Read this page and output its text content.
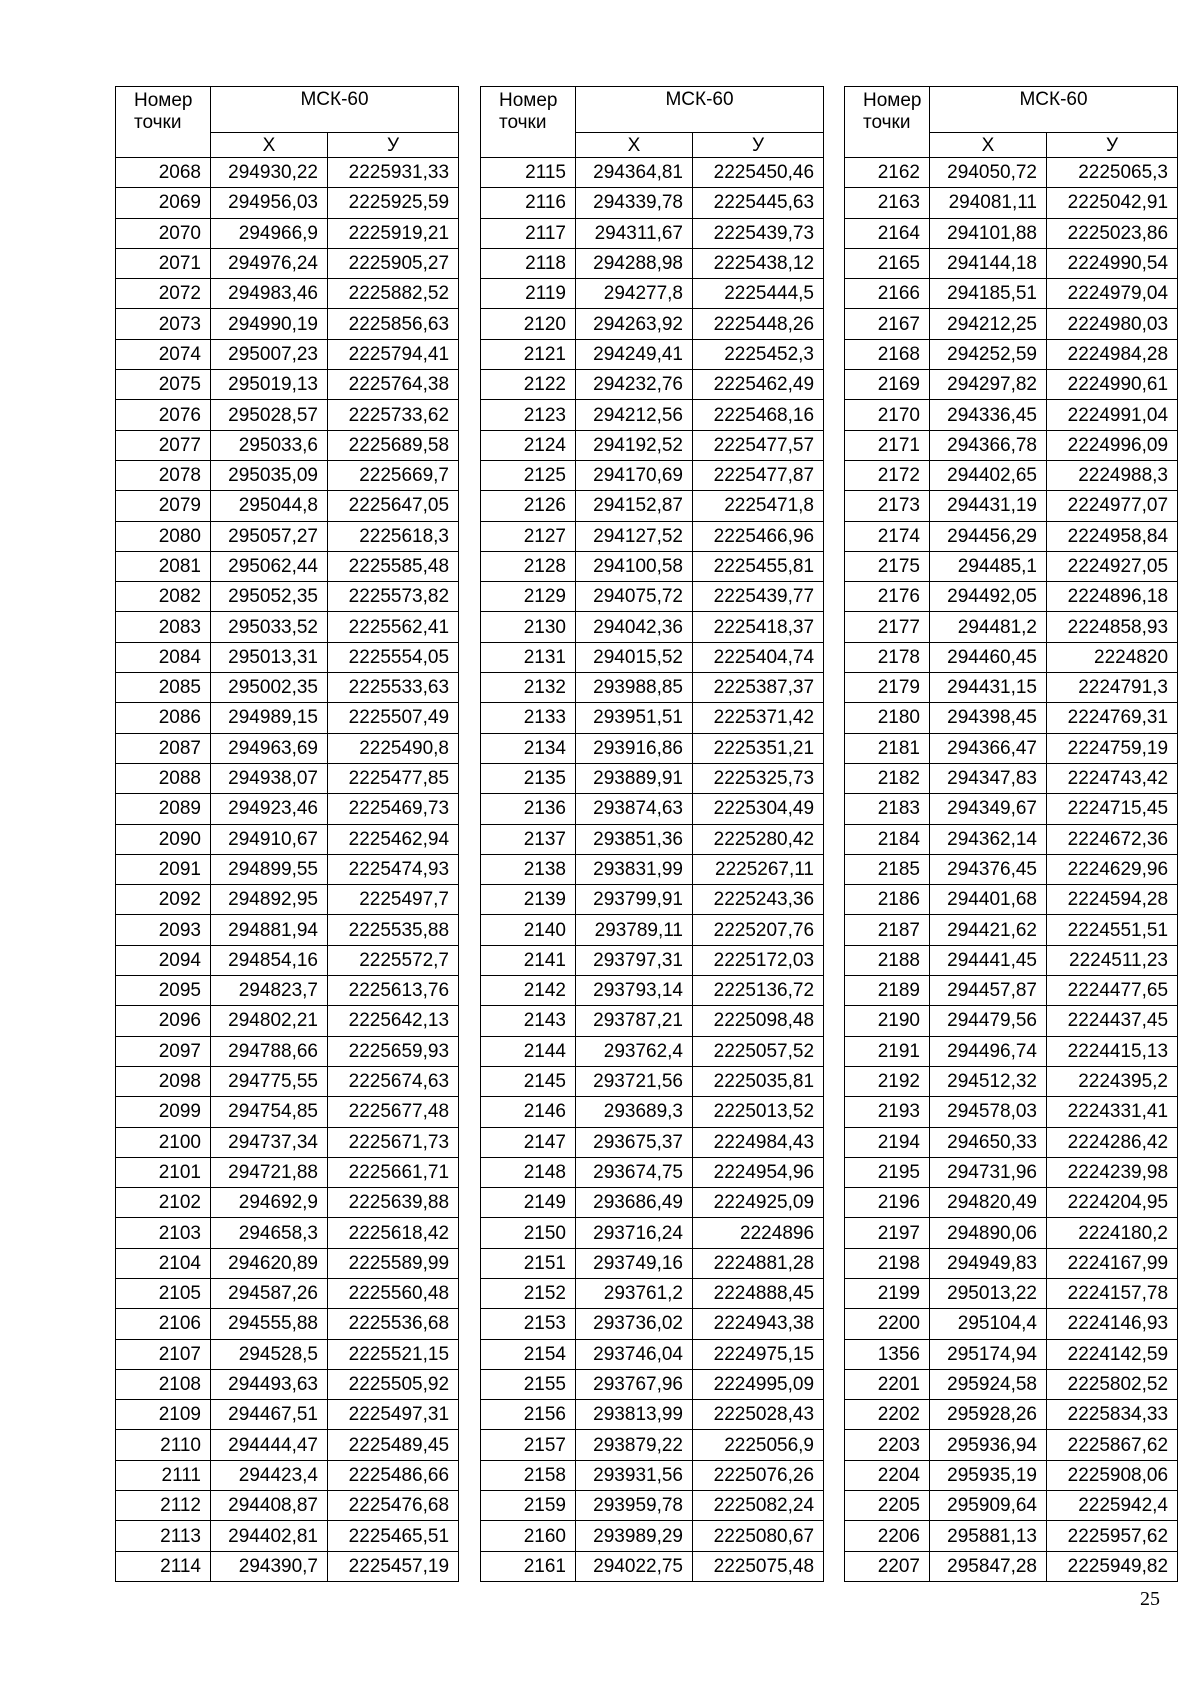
Номер
точки	МСК-60	
	Х	У
2068	294930,22	2225931,33
2069	294956,03	2225925,59
2070	294966,9	2225919,21
2071	294976,24	2225905,27
2072	294983,46	2225882,52
2073	294990,19	2225856,63
2074	295007,23	2225794,41
2075	295019,13	2225764,38
2076	295028,57	2225733,62
2077	295033,6	2225689,58
2078	295035,09	2225669,7
2079	295044,8	2225647,05
2080	295057,27	2225618,3
2081	295062,44	2225585,48
2082	295052,35	2225573,82
2083	295033,52	2225562,41
2084	295013,31	2225554,05
2085	295002,35	2225533,63
2086	294989,15	2225507,49
2087	294963,69	2225490,8
2088	294938,07	2225477,85
2089	294923,46	2225469,73
2090	294910,67	2225462,94
2091	294899,55	2225474,93
2092	294892,95	2225497,7
2093	294881,94	2225535,88
2094	294854,16	2225572,7
2095	294823,7	2225613,76
2096	294802,21	2225642,13
2097	294788,66	2225659,93
2098	294775,55	2225674,63
2099	294754,85	2225677,48
2100	294737,34	2225671,73
2101	294721,88	2225661,71
2102	294692,9	2225639,88
2103	294658,3	2225618,42
2104	294620,89	2225589,99
2105	294587,26	2225560,48
2106	294555,88	2225536,68
2107	294528,5	2225521,15
2108	294493,63	2225505,92
2109	294467,51	2225497,31
2110	294444,47	2225489,45
2111	294423,4	2225486,66
2112	294408,87	2225476,68
2113	294402,81	2225465,51
2114	294390,7	2225457,19
Номер
точки	МСК-60	
	Х	У
2115	294364,81	2225450,46
2116	294339,78	2225445,63
2117	294311,67	2225439,73
2118	294288,98	2225438,12
2119	294277,8	2225444,5
2120	294263,92	2225448,26
2121	294249,41	2225452,3
2122	294232,76	2225462,49
2123	294212,56	2225468,16
2124	294192,52	2225477,57
2125	294170,69	2225477,87
2126	294152,87	2225471,8
2127	294127,52	2225466,96
2128	294100,58	2225455,81
2129	294075,72	2225439,77
2130	294042,36	2225418,37
2131	294015,52	2225404,74
2132	293988,85	2225387,37
2133	293951,51	2225371,42
2134	293916,86	2225351,21
2135	293889,91	2225325,73
2136	293874,63	2225304,49
2137	293851,36	2225280,42
2138	293831,99	2225267,11
2139	293799,91	2225243,36
2140	293789,11	2225207,76
2141	293797,31	2225172,03
2142	293793,14	2225136,72
2143	293787,21	2225098,48
2144	293762,4	2225057,52
2145	293721,56	2225035,81
2146	293689,3	2225013,52
2147	293675,37	2224984,43
2148	293674,75	2224954,96
2149	293686,49	2224925,09
2150	293716,24	2224896
2151	293749,16	2224881,28
2152	293761,2	2224888,45
2153	293736,02	2224943,38
2154	293746,04	2224975,15
2155	293767,96	2224995,09
2156	293813,99	2225028,43
2157	293879,22	2225056,9
2158	293931,56	2225076,26
2159	293959,78	2225082,24
2160	293989,29	2225080,67
2161	294022,75	2225075,48
Номер
точки	МСК-60	
	Х	У
2162	294050,72	2225065,3
2163	294081,11	2225042,91
2164	294101,88	2225023,86
2165	294144,18	2224990,54
2166	294185,51	2224979,04
2167	294212,25	2224980,03
2168	294252,59	2224984,28
2169	294297,82	2224990,61
2170	294336,45	2224991,04
2171	294366,78	2224996,09
2172	294402,65	2224988,3
2173	294431,19	2224977,07
2174	294456,29	2224958,84
2175	294485,1	2224927,05
2176	294492,05	2224896,18
2177	294481,2	2224858,93
2178	294460,45	2224820
2179	294431,15	2224791,3
2180	294398,45	2224769,31
2181	294366,47	2224759,19
2182	294347,83	2224743,42
2183	294349,67	2224715,45
2184	294362,14	2224672,36
2185	294376,45	2224629,96
2186	294401,68	2224594,28
2187	294421,62	2224551,51
2188	294441,45	2224511,23
2189	294457,87	2224477,65
2190	294479,56	2224437,45
2191	294496,74	2224415,13
2192	294512,32	2224395,2
2193	294578,03	2224331,41
2194	294650,33	2224286,42
2195	294731,96	2224239,98
2196	294820,49	2224204,95
2197	294890,06	2224180,2
2198	294949,83	2224167,99
2199	295013,22	2224157,78
2200	295104,4	2224146,93
1356	295174,94	2224142,59
2201	295924,58	2225802,52
2202	295928,26	2225834,33
2203	295936,94	2225867,62
2204	295935,19	2225908,06
2205	295909,64	2225942,4
2206	295881,13	2225957,62
2207	295847,28	2225949,82
25
